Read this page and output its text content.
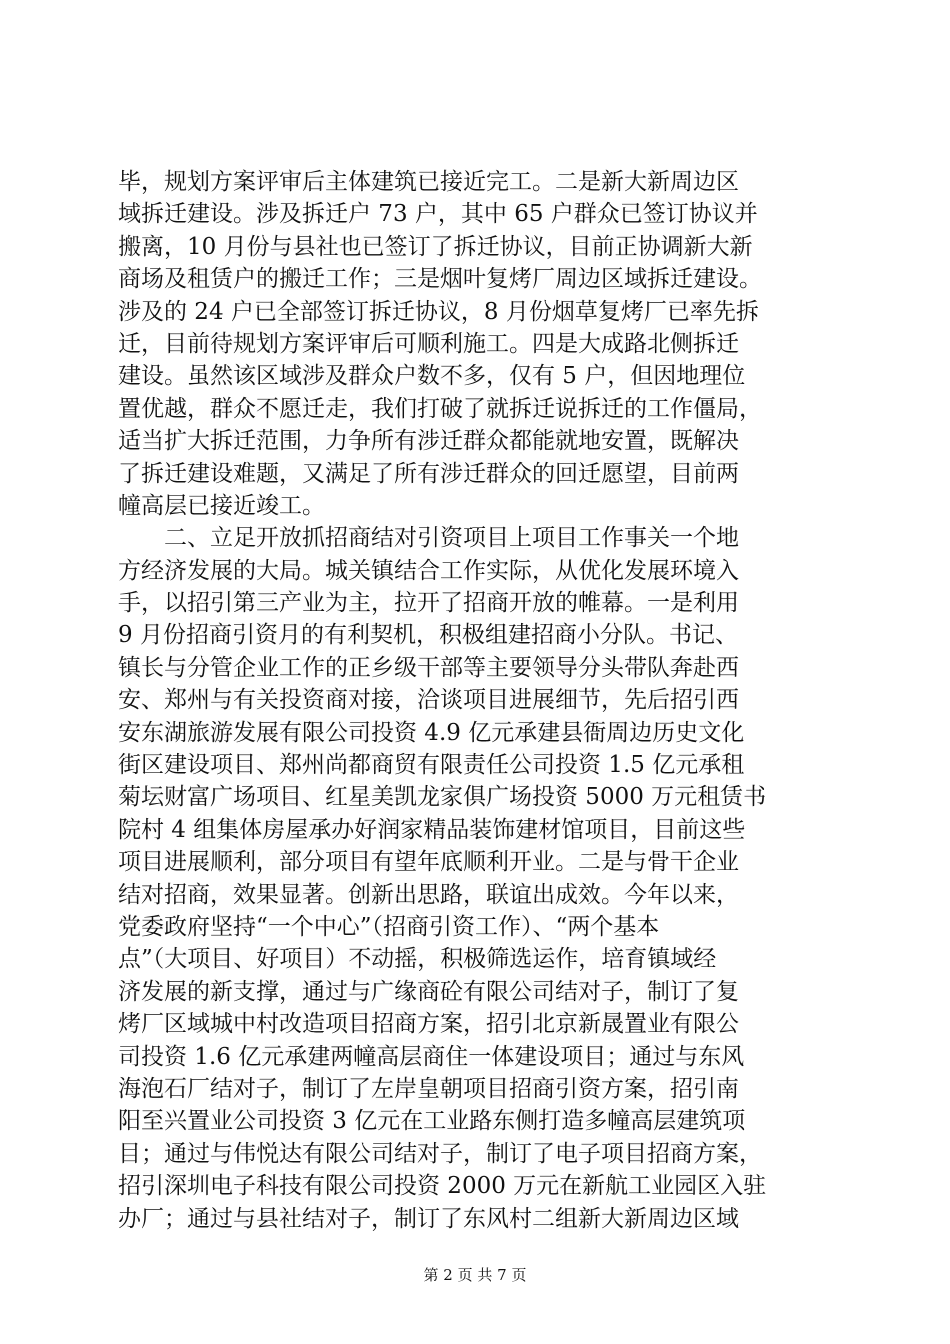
毕，规划方案评审后主体建筑已接近完工。二是新大新周边区
域拆迁建设。涉及拆迁户 73 户，其中 65 户群众已签订协议并
搬离，10 月份与县社也已签订了拆迁协议，目前正协调新大新
商场及租赁户的搬迁工作；三是烟叶复烤厂周边区域拆迁建设。
涉及的 24 户已全部签订拆迁协议，8 月份烟草复烤厂已率先拆
迁，目前待规划方案评审后可顺利施工。四是大成路北侧拆迁
建设。虽然该区域涉及群众户数不多，仅有 5 户，但因地理位
置优越，群众不愿迁走，我们打破了就拆迁说拆迁的工作僵局，
适当扩大拆迁范围，力争所有涉迁群众都能就地安置，既解决
了拆迁建设难题，又满足了所有涉迁群众的回迁愿望，目前两
幢高层已接近竣工。
　　二、立足开放抓招商结对引资项目上项目工作事关一个地
方经济发展的大局。城关镇结合工作实际，从优化发展环境入
手，以招引第三产业为主，拉开了招商开放的帷幕。一是利用
9 月份招商引资月的有利契机，积极组建招商小分队。书记、
镇长与分管企业工作的正乡级干部等主要领导分头带队奔赴西
安、郑州与有关投资商对接，洽谈项目进展细节，先后招引西
安东湖旅游发展有限公司投资 4.9 亿元承建县衙周边历史文化
街区建设项目、郑州尚都商贸有限责任公司投资 1.5 亿元承租
菊坛财富广场项目、红星美凯龙家俱广场投资 5000 万元租赁书
院村 4 组集体房屋承办好润家精品装饰建材馆项目，目前这些
项目进展顺利，部分项目有望年底顺利开业。二是与骨干企业
结对招商，效果显著。创新出思路，联谊出成效。今年以来，
党委政府坚持“一个中心”（招商引资工作）、“两个基本
点”（大项目、好项目）不动摇，积极筛选运作，培育镇域经
济发展的新支撑，通过与广缘商砼有限公司结对子，制订了复
烤厂区域城中村改造项目招商方案，招引北京新晟置业有限公
司投资 1.6 亿元承建两幢高层商住一体建设项目；通过与东风
海泡石厂结对子，制订了左岸皇朝项目招商引资方案，招引南
阳至兴置业公司投资 3 亿元在工业路东侧打造多幢高层建筑项
目；通过与伟悦达有限公司结对子，制订了电子项目招商方案，
招引深圳电子科技有限公司投资 2000 万元在新航工业园区入驻
办厂；通过与县社结对子，制订了东风村二组新大新周边区域
第 2 页 共 7 页
